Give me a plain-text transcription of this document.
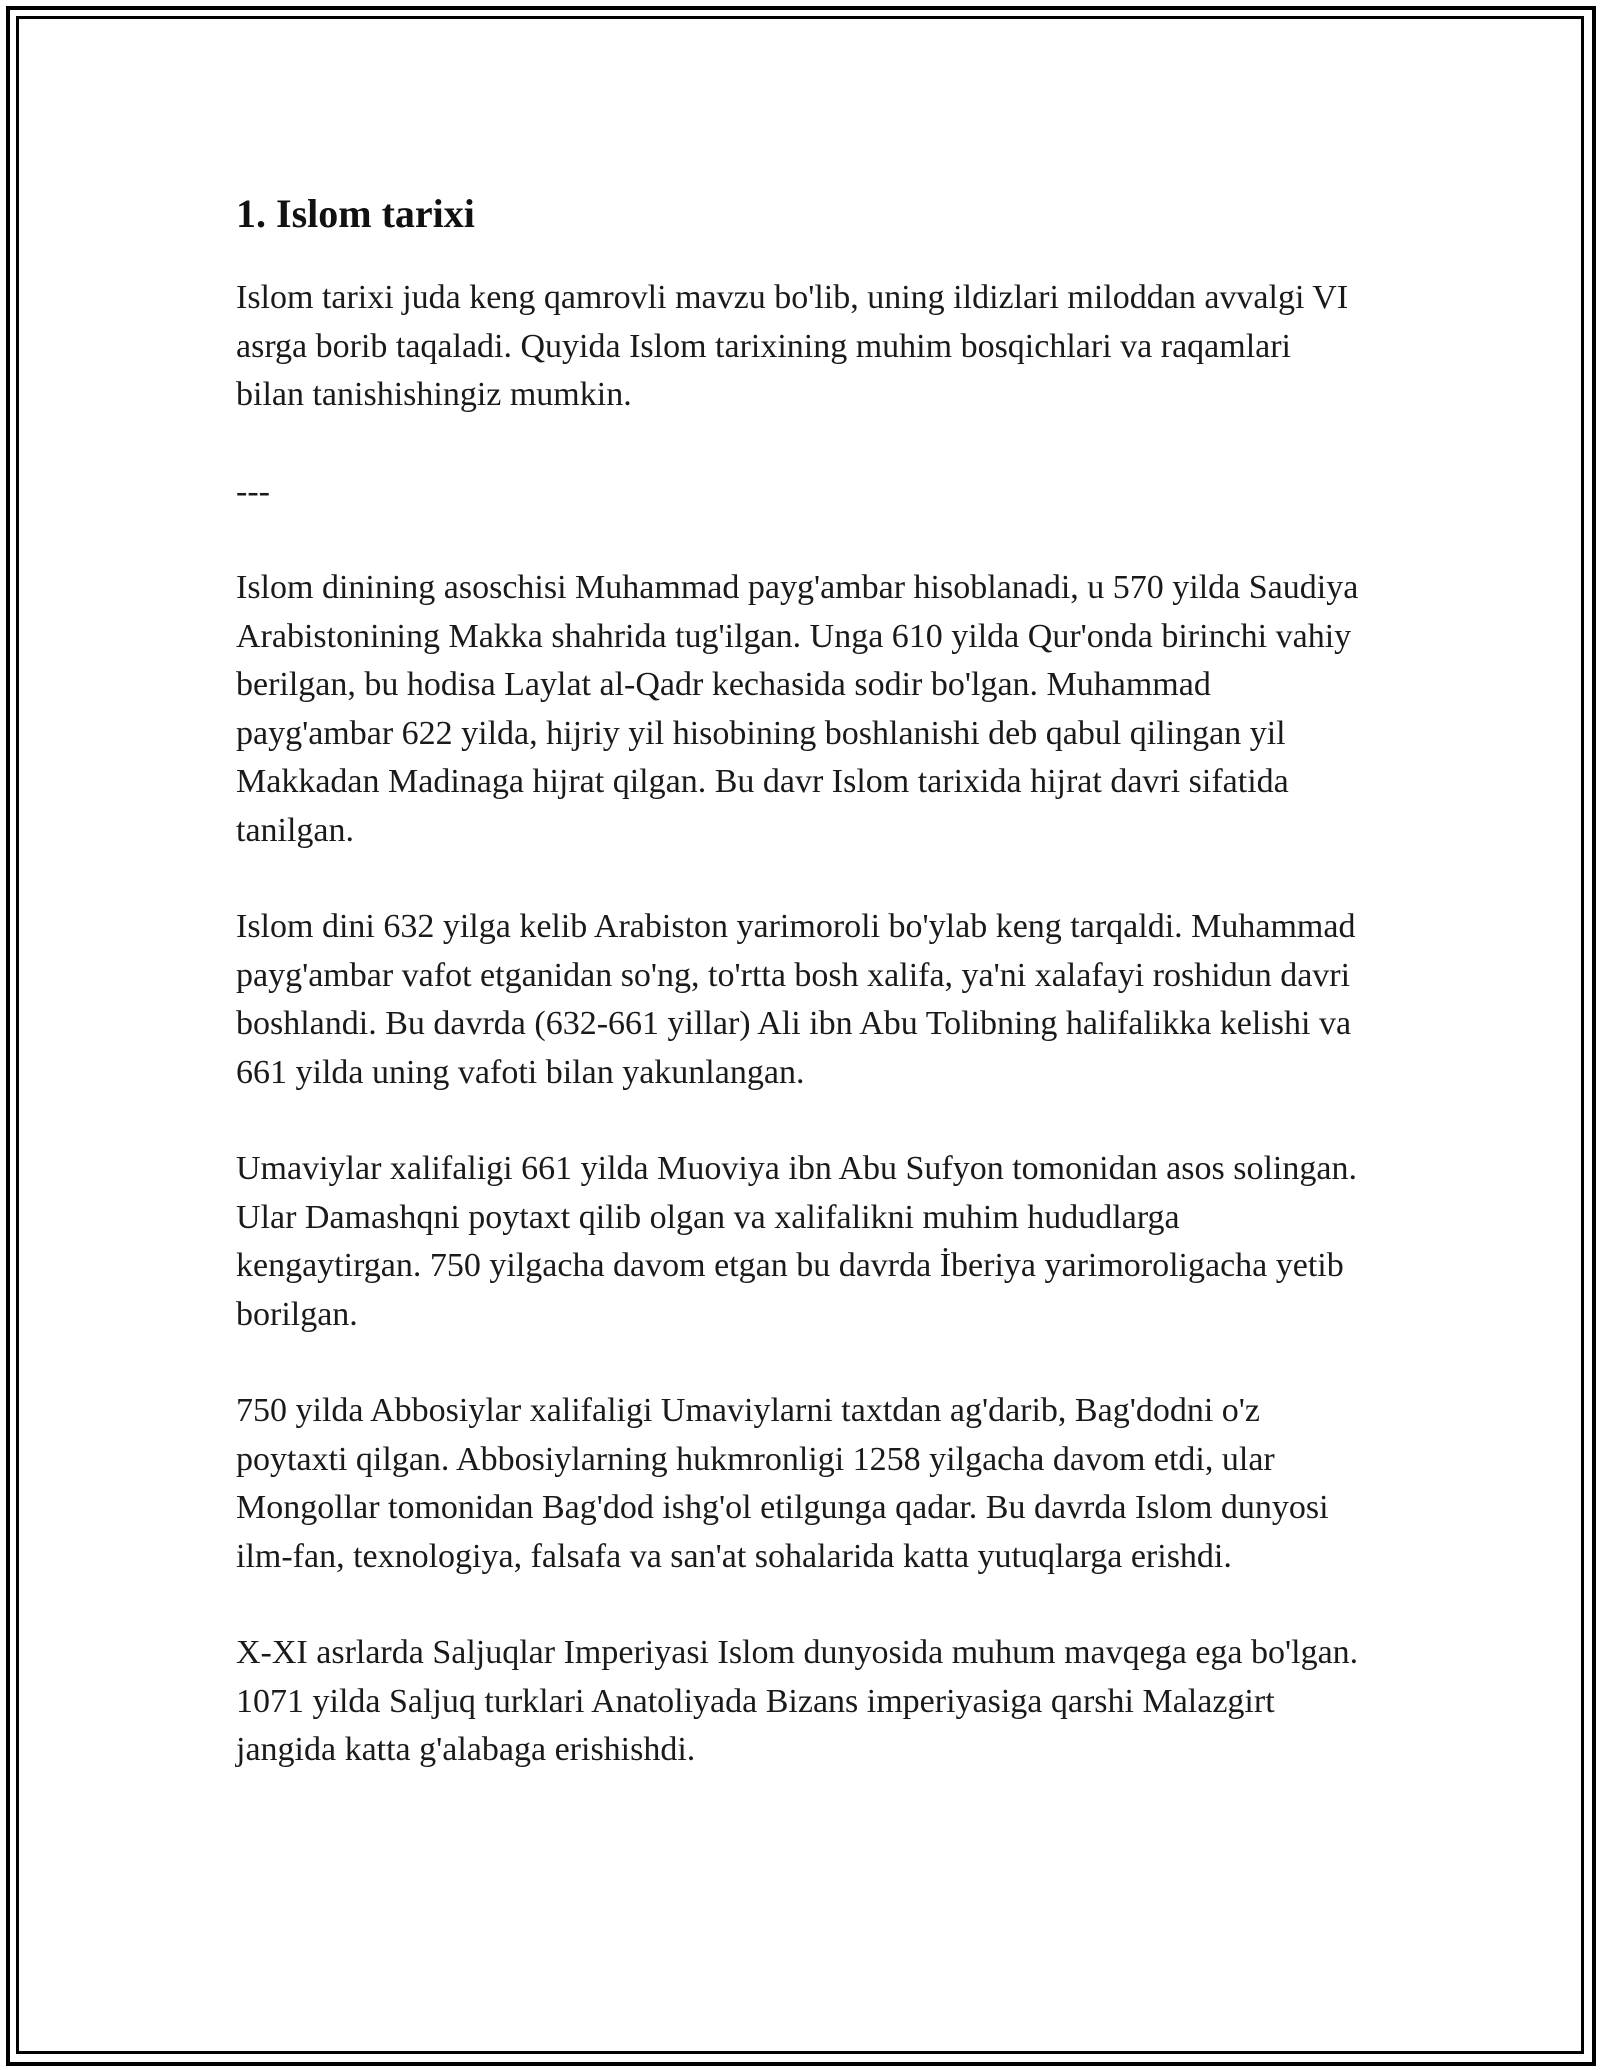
1. Islom tarixi

Islom tarixi juda keng qamrovli mavzu bo'lib, uning ildizlari miloddan avvalgi VI asrga borib taqaladi. Quyida Islom tarixining muhim bosqichlari va raqamlari bilan tanishishingiz mumkin.

---

Islom dinining asoschisi Muhammad payg'ambar hisoblanadi, u 570 yilda Saudiya Arabistonining Makka shahrida tug'ilgan. Unga 610 yilda Qur'onda birinchi vahiy berilgan, bu hodisa Laylat al-Qadr kechasida sodir bo'lgan. Muhammad payg'ambar 622 yilda, hijriy yil hisobining boshlanishi deb qabul qilingan yil Makkadan Madinaga hijrat qilgan. Bu davr Islom tarixida hijrat davri sifatida tanilgan.

Islom dini 632 yilga kelib Arabiston yarimoroli bo'ylab keng tarqaldi. Muhammad payg'ambar vafot etganidan so'ng, to'rtta bosh xalifa, ya'ni xalafayi roshidun davri boshlandi. Bu davrda (632-661 yillar) Ali ibn Abu Tolibning halifalikka kelishi va 661 yilda uning vafoti bilan yakunlangan.

Umaviylar xalifaligi 661 yilda Muoviya ibn Abu Sufyon tomonidan asos solingan. Ular Damashqni poytaxt qilib olgan va xalifalikni muhim hududlarga kengaytirgan. 750 yilgacha davom etgan bu davrda İberiya yarimoroligacha yetib borilgan.

750 yilda Abbosiylar xalifaligi Umaviylarni taxtdan ag'darib, Bag'dodni o'z poytaxti qilgan. Abbosiylarning hukmronligi 1258 yilgacha davom etdi, ular Mongollar tomonidan Bag'dod ishg'ol etilgunga qadar. Bu davrda Islom dunyosi ilm-fan, texnologiya, falsafa va san'at sohalarida katta yutuqlarga erishdi.

X-XI asrlarda Saljuqlar Imperiyasi Islom dunyosida muhum mavqega ega bo'lgan. 1071 yilda Saljuq turklari Anatoliyada Bizans imperiyasiga qarshi Malazgirt jangida katta g'alabaga erishishdi.
